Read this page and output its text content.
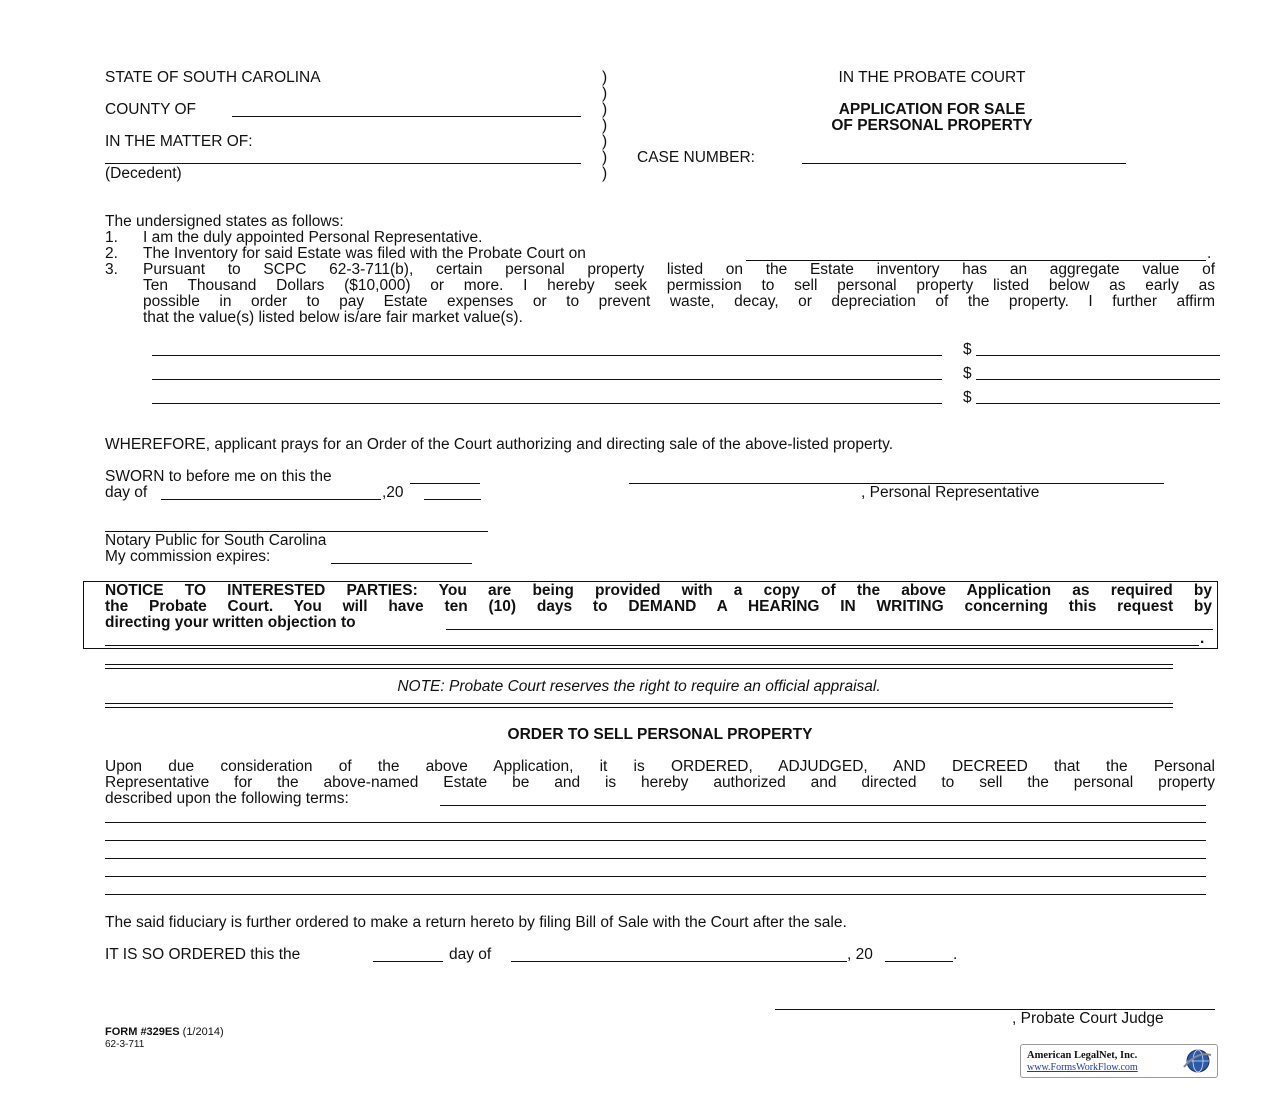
STATE OF SOUTH CAROLINA
COUNTY OF
IN THE MATTER OF:
(Decedent)
)
)
)
)
)
)
)
IN THE PROBATE COURT
APPLICATION FOR SALE
OF PERSONAL PROPERTY
CASE NUMBER:
The undersigned states as follows:
1. I am the duly appointed Personal Representative.
2. The Inventory for said Estate was filed with the Probate Court on	.
3. Pursuant to SCPC 62-3-711(b), certain personal property listed on the Estate inventory has an aggregate value of
Ten Thousand Dollars ($10,000) or more. I hereby seek permission to sell personal property listed below as early as
possible in order to pay Estate expenses or to prevent waste, decay, or depreciation of the property. I further affirm
that the value(s) listed below is/are fair market value(s).
$
$
$
WHEREFORE, applicant prays for an Order of the Court authorizing and directing sale of the above-listed property.
SWORN to before me on this the
day of	,20	, Personal Representative
Notary Public for South Carolina
My commission expires:
NOTICE TO INTERESTED PARTIES: You are being provided with a copy of the above Application as required by
the Probate Court. You will have ten (10) days to DEMAND A HEARING IN WRITING concerning this request by
directing your written objection to
.
NOTE: Probate Court reserves the right to require an official appraisal.
ORDER TO SELL PERSONAL PROPERTY
Upon due consideration of the above Application, it is ORDERED, ADJUDGED, AND DECREED that the Personal
Representative for the above-named Estate be and is hereby authorized and directed to sell the personal property
described upon the following terms:
The said fiduciary is further ordered to make a return hereto by filing Bill of Sale with the Court after the sale.
IT IS SO ORDERED this the	day of	, 20	.
, Probate Court Judge
FORM #329ES (1/2014)
62-3-711
American LegalNet, Inc.
www.FormsWorkFlow.com
